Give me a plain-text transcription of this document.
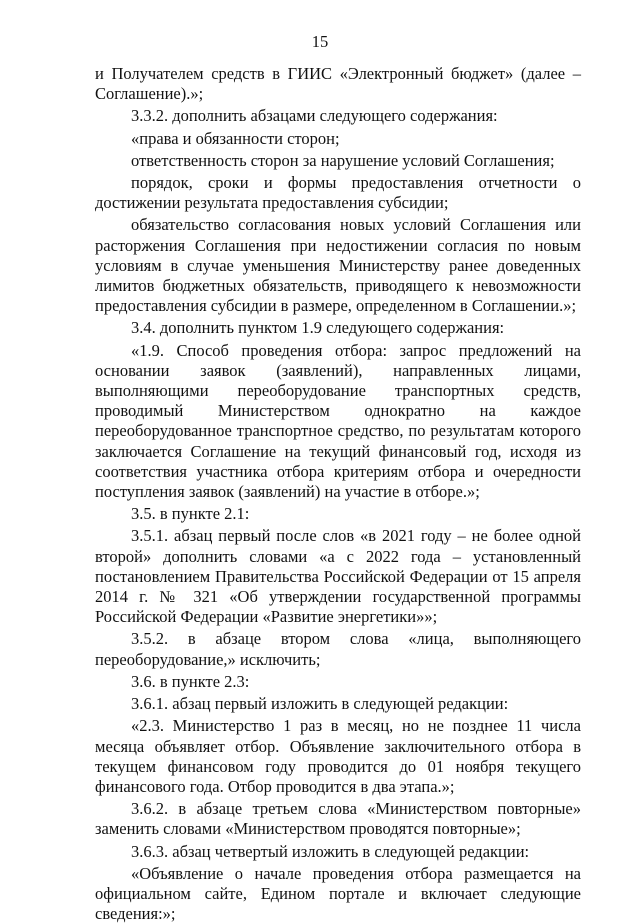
15

и Получателем средств в ГИИС «Электронный бюджет» (далее – Соглашение).»;

3.3.2. дополнить абзацами следующего содержания:

«права и обязанности сторон;

ответственность сторон за нарушение условий Соглашения;

порядок, сроки и формы предоставления отчетности о достижении результата предоставления субсидии;

обязательство согласования новых условий Соглашения или расторжения Соглашения при недостижении согласия по новым условиям в случае уменьшения Министерству ранее доведенных лимитов бюджетных обязательств, приводящего к невозможности предоставления субсидии в размере, определенном в Соглашении.»;

3.4. дополнить пунктом 1.9 следующего содержания:

«1.9. Способ проведения отбора: запрос предложений на основании заявок (заявлений), направленных лицами, выполняющими переоборудование транспортных средств, проводимый Министерством однократно на каждое переоборудованное транспортное средство, по результатам которого заключается Соглашение на текущий финансовый год, исходя из соответствия участника отбора критериям отбора и очередности поступления заявок (заявлений) на участие в отборе.»;

3.5. в пункте 2.1:

3.5.1. абзац первый после слов «в 2021 году – не более одной второй» дополнить словами «а с 2022 года – установленный постановлением Правительства Российской Федерации от 15 апреля 2014 г. № 321 «Об утверждении государственной программы Российской Федерации «Развитие энергетики»»;

3.5.2. в абзаце втором слова «лица, выполняющего переоборудование,» исключить;

3.6. в пункте 2.3:

3.6.1. абзац первый изложить в следующей редакции:

«2.3. Министерство 1 раз в месяц, но не позднее 11 числа месяца объявляет отбор. Объявление заключительного отбора в текущем финансовом году проводится до 01 ноября текущего финансового года. Отбор проводится в два этапа.»;

3.6.2. в абзаце третьем слова «Министерством повторные» заменить словами «Министерством проводятся повторные»;

3.6.3. абзац четвертый изложить в следующей редакции:

«Объявление о начале проведения отбора размещается на официальном сайте, Едином портале и включает следующие сведения:»;
